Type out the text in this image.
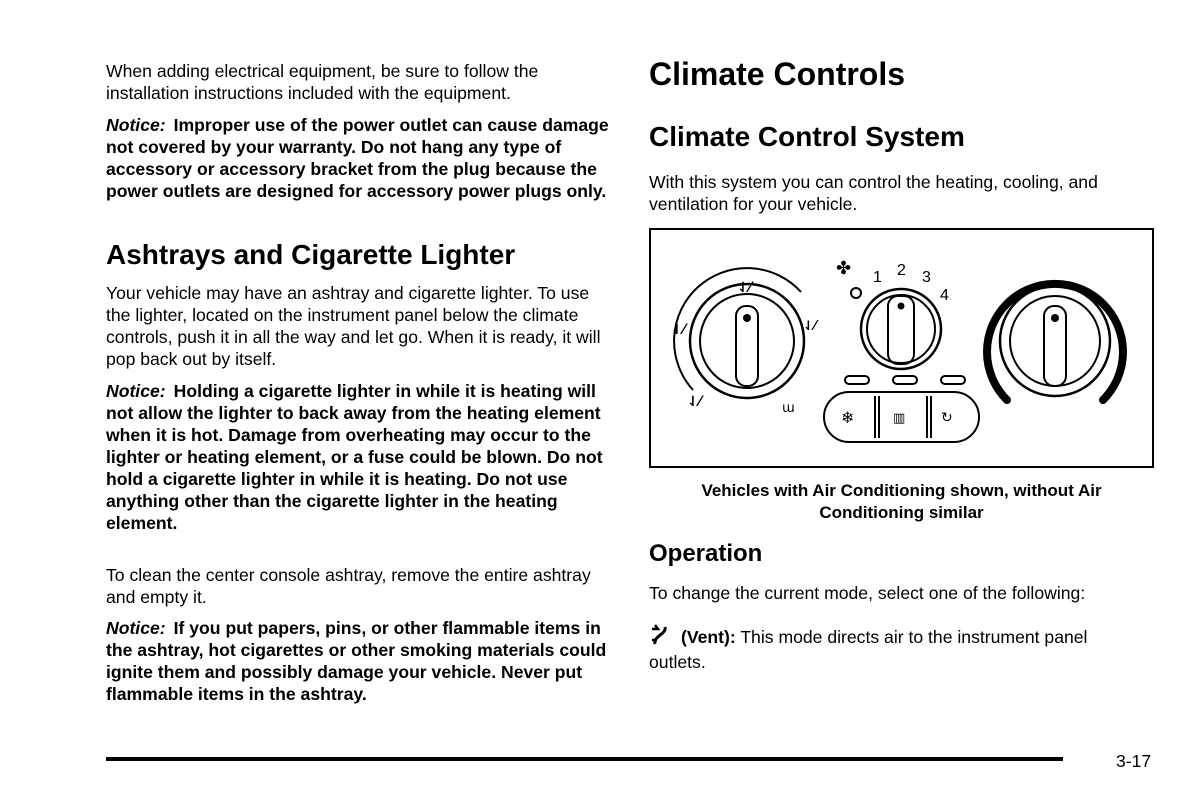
When adding electrical equipment, be sure to follow the installation instructions included with the equipment.

Notice: Improper use of the power outlet can cause damage not covered by your warranty. Do not hang any type of accessory or accessory bracket from the plug because the power outlets are designed for accessory power plugs only.

Ashtrays and Cigarette Lighter

Your vehicle may have an ashtray and cigarette lighter. To use the lighter, located on the instrument panel below the climate controls, push it in all the way and let go. When it is ready, it will pop back out by itself.

Notice: Holding a cigarette lighter in while it is heating will not allow the lighter to back away from the heating element when it is hot. Damage from overheating may occur to the lighter or heating element, or a fuse could be blown. Do not hold a cigarette lighter in while it is heating. Do not use anything other than the cigarette lighter in the heating element.

To clean the center console ashtray, remove the entire ashtray and empty it.

Notice: If you put papers, pins, or other flammable items in the ashtray, hot cigarettes or other smoking materials could ignite them and possibly damage your vehicle. Never put flammable items in the ashtray.

Climate Controls
Climate Control System

With this system you can control the heating, cooling, and ventilation for your vehicle.

⇃⁄
⇃⁄
⇃⁄
⇃⁄
ɯ
✤ 1 2 3
4
❄	▥	↻

Vehicles with Air Conditioning shown, without Air Conditioning similar

Operation

To change the current mode, select one of the following:

(Vent): This mode directs air to the instrument panel outlets.

3-17
